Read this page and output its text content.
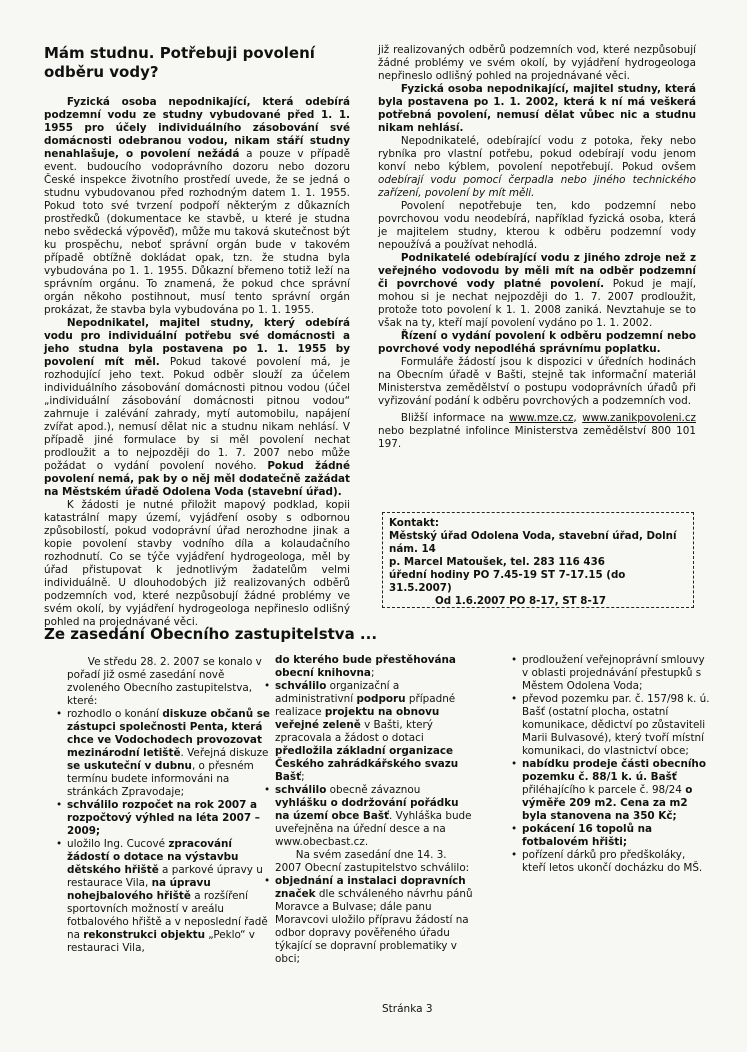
Mám studnu. Potřebuji povolení odběru vody?

Fyzická osoba nepodnikající, která odebírá podzemní vodu ze studny vybudované před 1. 1. 1955 pro účely individuálního zásobování své domácnosti odebranou vodou, nikam stáří studny nenahlašuje, o povolení nežádá a pouze v případě event. budoucího vodoprávního dozoru nebo dozoru České inspekce životního prostředí uvede, že se jedná o studnu vybudovanou před rozhodným datem 1. 1. 1955. Pokud toto své tvrzení podpoří některým z důkazních prostředků (dokumentace ke stavbě, u které je studna nebo svědecká výpověď), může mu taková skutečnost být ku prospěchu, neboť správní orgán bude v takovém případě obtížně dokládat opak, tzn. že studna byla vybudována po 1. 1. 1955. Důkazní břemeno totiž leží na správním orgánu. To znamená, že pokud chce správní orgán někoho postihnout, musí tento správní orgán prokázat, že stavba byla vybudována po 1. 1. 1955.

Nepodnikatel, majitel studny, který odebírá vodu pro individuální potřebu své domácnosti a jeho studna byla postavena po 1. 1. 1955 by povolení mít měl. Pokud takové povolení má, je rozhodující jeho text. Pokud odběr slouží za účelem individuálního zásobování domácnosti pitnou vodou (účel „individuální zásobování domácnosti pitnou vodou“ zahrnuje i zalévání zahrady, mytí automobilu, napájení zvířat apod.), nemusí dělat nic a studnu nikam nehlásí. V případě jiné formulace by si měl povolení nechat prodloužit a to nejpozději do 1. 7. 2007 nebo může požádat o vydání povolení nového. Pokud žádné povolení nemá, pak by o něj měl dodatečně zažádat na Městském úřadě Odolena Voda (stavební úřad).

K žádosti je nutné přiložit mapový podklad, kopii katastrální mapy území, vyjádření osoby s odbornou způsobilostí, pokud vodoprávní úřad nerozhodne jinak a kopie povolení stavby vodního díla a kolaudačního rozhodnutí. Co se týče vyjádření hydrogeologa, měl by úřad přistupovat k jednotlivým žadatelům velmi individuálně. U dlouhodobých již realizovaných odběrů podzemních vod, které nezpůsobují žádné problémy ve svém okolí, by vyjádření hydrogeologa nepřineslo odlišný pohled na projednávané věci.

již realizovaných odběrů podzemních vod, které nezpůsobují žádné problémy ve svém okolí, by vyjádření hydrogeologa nepřineslo odlišný pohled na projednávané věci.

Fyzická osoba nepodnikající, majitel studny, která byla postavena po 1. 1. 2002, která k ní má veškerá potřebná povolení, nemusí dělat vůbec nic a studnu nikam nehlásí.

Nepodnikatelé, odebírající vodu z potoka, řeky nebo rybníka pro vlastní potřebu, pokud odebírají vodu jenom konví nebo kýblem, povolení nepotřebují. Pokud ovšem odebírají vodu pomocí čerpadla nebo jiného technického zařízení, povolení by mít měli.

Povolení nepotřebuje ten, kdo podzemní nebo povrchovou vodu neodebírá, například fyzická osoba, která je majitelem studny, kterou k odběru podzemní vody nepoužívá a používat nehodlá.

Podnikatelé odebírající vodu z jiného zdroje než z veřejného vodovodu by měli mít na odběr podzemní či povrchové vody platné povolení. Pokud je mají, mohou si je nechat nejpozději do 1. 7. 2007 prodloužit, protože toto povolení k 1. 1. 2008 zaniká. Nevztahuje se to však na ty, kteří mají povolení vydáno po 1. 1. 2002.

Řízení o vydání povolení k odběru podzemní nebo povrchové vody nepodléhá správnímu poplatku.

Formuláře žádostí jsou k dispozici v úředních hodinách na Obecním úřadě v Bašti, stejně tak informační materiál Ministerstva zemědělství o postupu vodoprávních úřadů při vyřizování podání k odběru povrchových a podzemních vod.

Bližší informace na www.mze.cz, www.zanikpovoleni.cz nebo bezplatné infolince Ministerstva zemědělství 800 101 197.

Kontakt:
Městský úřad Odolena Voda, stavební úřad, Dolní nám. 14
p. Marcel Matoušek, tel. 283 116 436
úřední hodiny PO 7.45-19 ST 7-17.15 (do 31.5.2007)
Od 1.6.2007 PO 8-17, ST 8-17
Ze zasedání Obecního zastupitelstva ...

Ve středu 28. 2. 2007 se konalo v pořadí již osmé zasedání nově zvoleného Obecního zastupitelstva, které:

• rozhodlo o konání diskuze občanů se zástupci společnosti Penta, která chce ve Vodochodech provozovat mezinárodní letiště. Veřejná diskuze se uskuteční v dubnu, o přesném termínu budete informováni na stránkách Zpravodaje;
• schválilo rozpočet na rok 2007 a rozpočtový výhled na léta 2007 – 2009;
• uložilo Ing. Cucové zpracování žádostí o dotace na výstavbu dětského hřiště a parkové úpravy u restaurace Vila, na úpravu nohejbalového hřiště a rozšíření sportovních možností v areálu fotbalového hřiště a v neposlední řadě na rekonstrukci objektu „Peklo“ v restauraci Vila,

do kterého bude přestěhována obecní knihovna;

• schválilo organizační a administrativní podporu případné realizace projektu na obnovu veřejné zeleně v Bašti, který zpracovala a žádost o dotaci předložila základní organizace Českého zahrádkářského svazu Bašť;
• schválilo obecně závaznou vyhlášku o dodržování pořádku na území obce Bašť. Vyhláška bude uveřejněna na úřední desce a na www.obecbast.cz.

Na svém zasedání dne 14. 3. 2007 Obecní zastupitelstvo schválilo:

• objednání a instalaci dopravních značek dle schváleného návrhu pánů Moravce a Bulvase; dále panu Moravcovi uložilo přípravu žádostí na odbor dopravy pověřeného úřadu týkající se dopravní problematiky v obci;
• prodloužení veřejnoprávní smlouvy v oblasti projednávání přestupků s Městem Odolena Voda;
• převod pozemku par. č. 157/98 k. ú. Bašť (ostatní plocha, ostatní komunikace, dědictví po zůstaviteli Marii Bulvasové), který tvoří místní komunikaci, do vlastnictví obce;
• nabídku prodeje části obecního pozemku č. 88/1 k. ú. Bašť přiléhajícího k parcele č. 98/24 o výměře 209 m2. Cena za m2 byla stanovena na 350 Kč;
• pokácení 16 topolů na fotbalovém hřišti;
• pořízení dárků pro předškoláky, kteří letos ukončí docházku do MŠ.
Stránka 3
